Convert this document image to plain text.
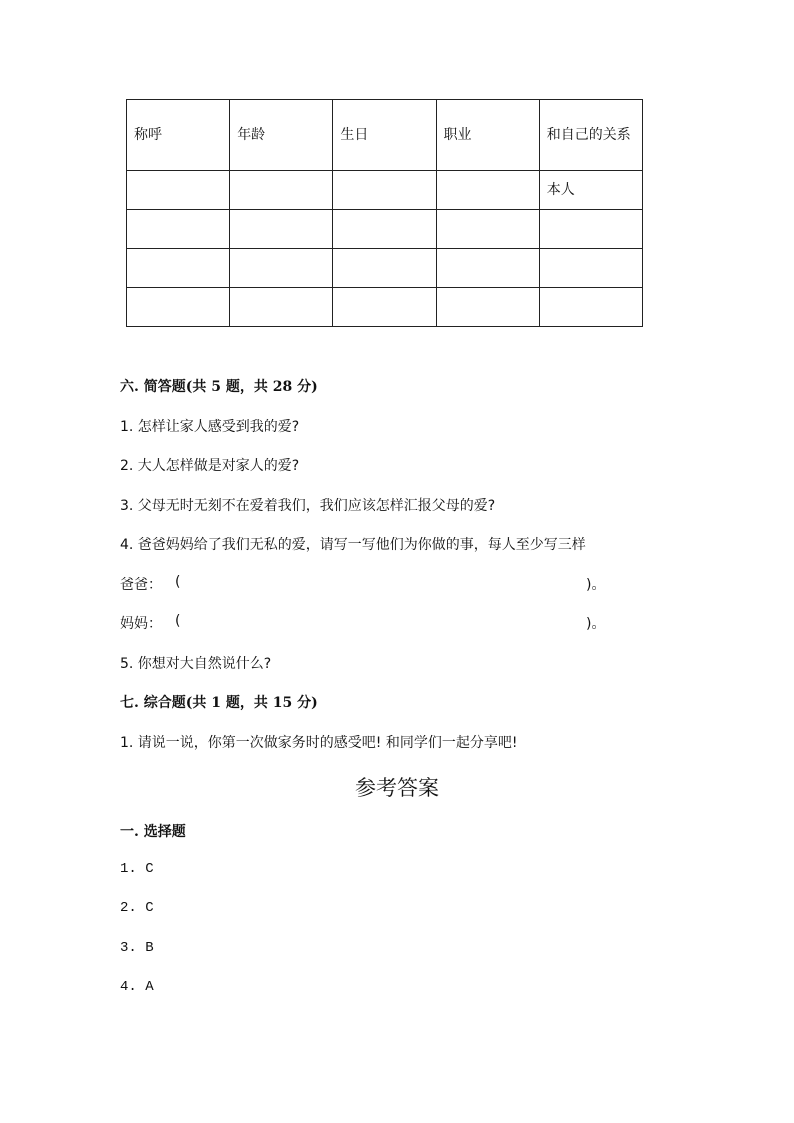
称呼	年龄	生日	职业	和自己的关系
				本人

六. 简答题(共 5 题，共 28 分)
1. 怎样让家人感受到我的爱?
2. 大人怎样做是对家人的爱?
3. 父母无时无刻不在爱着我们，我们应该怎样汇报父母的爱?
4. 爸爸妈妈给了我们无私的爱，请写一写他们为你做的事，每人至少写三样
爸爸： (	)。
妈妈： (	)。
5. 你想对大自然说什么?
七. 综合题(共 1 题，共 15 分)
1. 请说一说，你第一次做家务时的感受吧! 和同学们一起分享吧!
参考答案
一. 选择题
1. C
2. C
3. B
4. A
